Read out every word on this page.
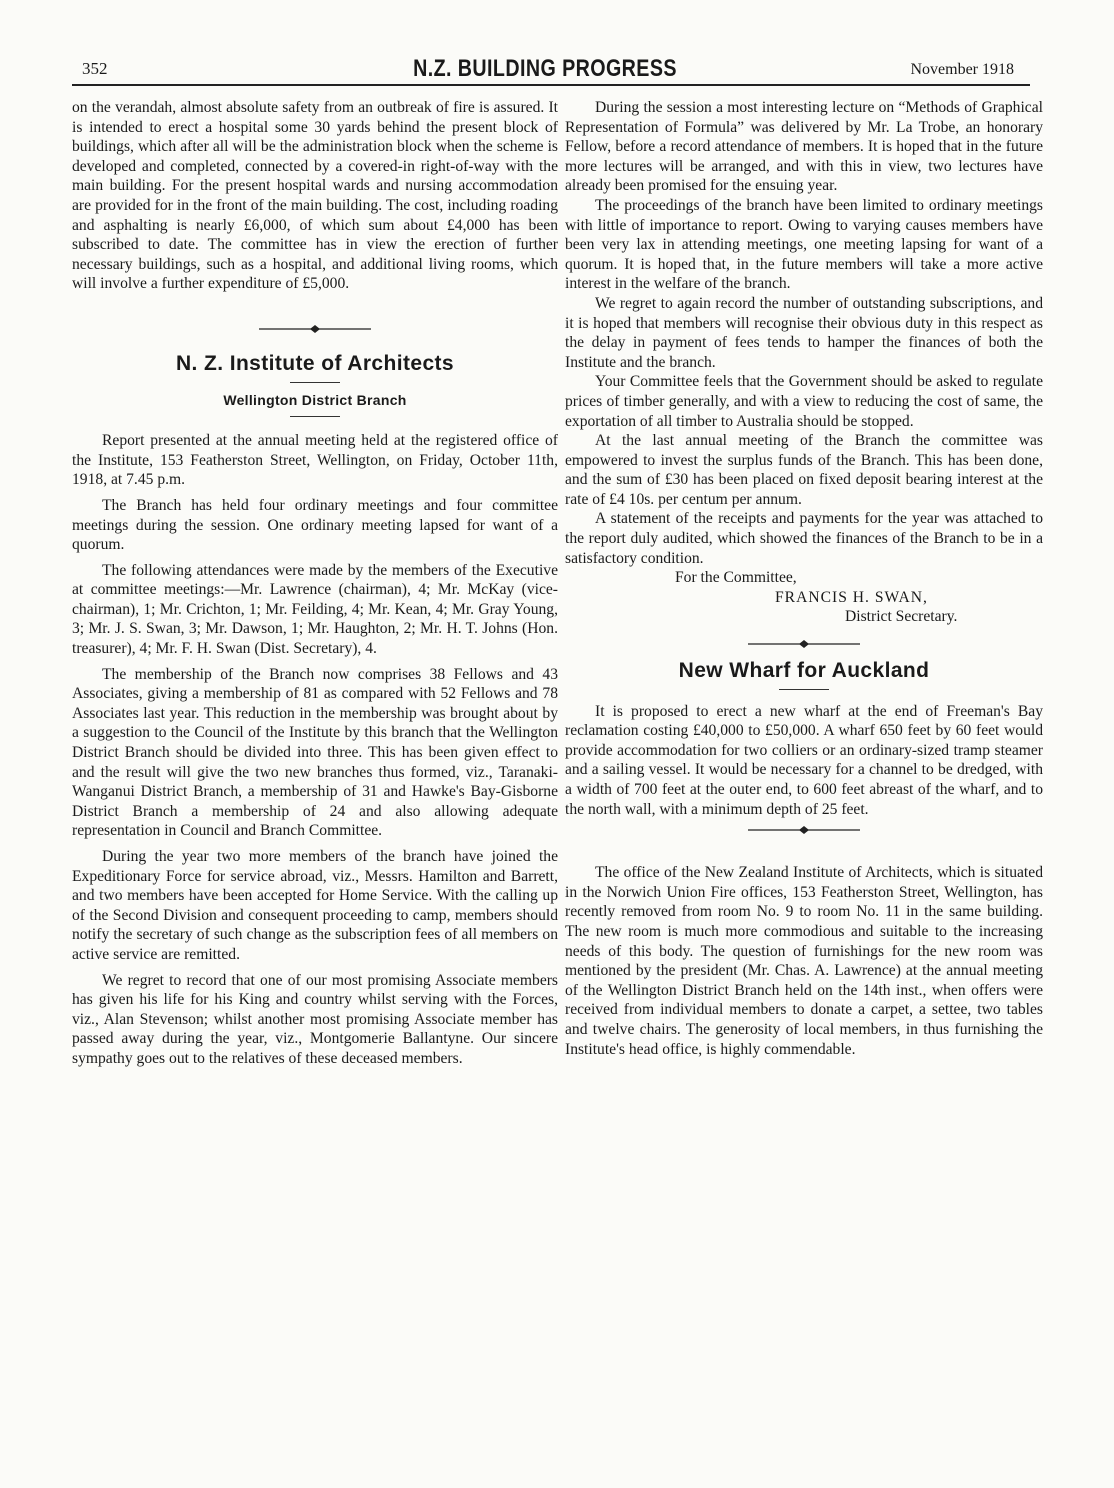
352	N.Z. BUILDING PROGRESS	November 1918

on the verandah, almost absolute safety from an outbreak of fire is assured. It is intended to erect a hospital some 30 yards behind the present block of buildings, which after all will be the administration block when the scheme is developed and completed, connected by a covered-in right-of-way with the main building. For the present hospital wards and nursing accommodation are provided for in the front of the main building. The cost, including roading and asphalting is nearly £6,000, of which sum about £4,000 has been subscribed to date. The committee has in view the erection of further necessary buildings, such as a hospital, and additional living rooms, which will involve a further expenditure of £5,000.

N. Z. Institute of Architects
Wellington District Branch

Report presented at the annual meeting held at the registered office of the Institute, 153 Featherston Street, Wellington, on Friday, October 11th, 1918, at 7.45 p.m.

The Branch has held four ordinary meetings and four committee meetings during the session. One ordinary meeting lapsed for want of a quorum.

The following attendances were made by the members of the Executive at committee meetings:—Mr. Lawrence (chairman), 4; Mr. McKay (vice-chairman), 1; Mr. Crichton, 1; Mr. Feilding, 4; Mr. Kean, 4; Mr. Gray Young, 3; Mr. J. S. Swan, 3; Mr. Dawson, 1; Mr. Haughton, 2; Mr. H. T. Johns (Hon. treasurer), 4; Mr. F. H. Swan (Dist. Secretary), 4.

The membership of the Branch now comprises 38 Fellows and 43 Associates, giving a membership of 81 as compared with 52 Fellows and 78 Associates last year. This reduction in the membership was brought about by a suggestion to the Council of the Institute by this branch that the Wellington District Branch should be divided into three. This has been given effect to and the result will give the two new branches thus formed, viz., Taranaki-Wanganui District Branch, a membership of 31 and Hawke's Bay-Gisborne District Branch a membership of 24 and also allowing adequate representation in Council and Branch Committee.

During the year two more members of the branch have joined the Expeditionary Force for service abroad, viz., Messrs. Hamilton and Barrett, and two members have been accepted for Home Service. With the calling up of the Second Division and consequent proceeding to camp, members should notify the secretary of such change as the subscription fees of all members on active service are remitted.

We regret to record that one of our most promising Associate members has given his life for his King and country whilst serving with the Forces, viz., Alan Stevenson; whilst another most promising Associate member has passed away during the year, viz., Montgomerie Ballantyne. Our sincere sympathy goes out to the relatives of these deceased members.

During the session a most interesting lecture on “Methods of Graphical Representation of Formula” was delivered by Mr. La Trobe, an honorary Fellow, before a record attendance of members. It is hoped that in the future more lectures will be arranged, and with this in view, two lectures have already been promised for the ensuing year.

The proceedings of the branch have been limited to ordinary meetings with little of importance to report. Owing to varying causes members have been very lax in attending meetings, one meeting lapsing for want of a quorum. It is hoped that, in the future members will take a more active interest in the welfare of the branch.

We regret to again record the number of outstanding subscriptions, and it is hoped that members will recognise their obvious duty in this respect as the delay in payment of fees tends to hamper the finances of both the Institute and the branch.

Your Committee feels that the Government should be asked to regulate prices of timber generally, and with a view to reducing the cost of same, the exportation of all timber to Australia should be stopped.

At the last annual meeting of the Branch the committee was empowered to invest the surplus funds of the Branch. This has been done, and the sum of £30 has been placed on fixed deposit bearing interest at the rate of £4 10s. per centum per annum.

A statement of the receipts and payments for the year was attached to the report duly audited, which showed the finances of the Branch to be in a satisfactory condition.

For the Committee,
FRANCIS H. SWAN,
District Secretary.
New Wharf for Auckland

It is proposed to erect a new wharf at the end of Freeman's Bay reclamation costing £40,000 to £50,000. A wharf 650 feet by 60 feet would provide accommodation for two colliers or an ordinary-sized tramp steamer and a sailing vessel. It would be necessary for a channel to be dredged, with a width of 700 feet at the outer end, to 600 feet abreast of the wharf, and to the north wall, with a minimum depth of 25 feet.

The office of the New Zealand Institute of Architects, which is situated in the Norwich Union Fire offices, 153 Featherston Street, Wellington, has recently removed from room No. 9 to room No. 11 in the same building. The new room is much more commodious and suitable to the increasing needs of this body. The question of furnishings for the new room was mentioned by the president (Mr. Chas. A. Lawrence) at the annual meeting of the Wellington District Branch held on the 14th inst., when offers were received from individual members to donate a carpet, a settee, two tables and twelve chairs. The generosity of local members, in thus furnishing the Institute's head office, is highly commendable.
